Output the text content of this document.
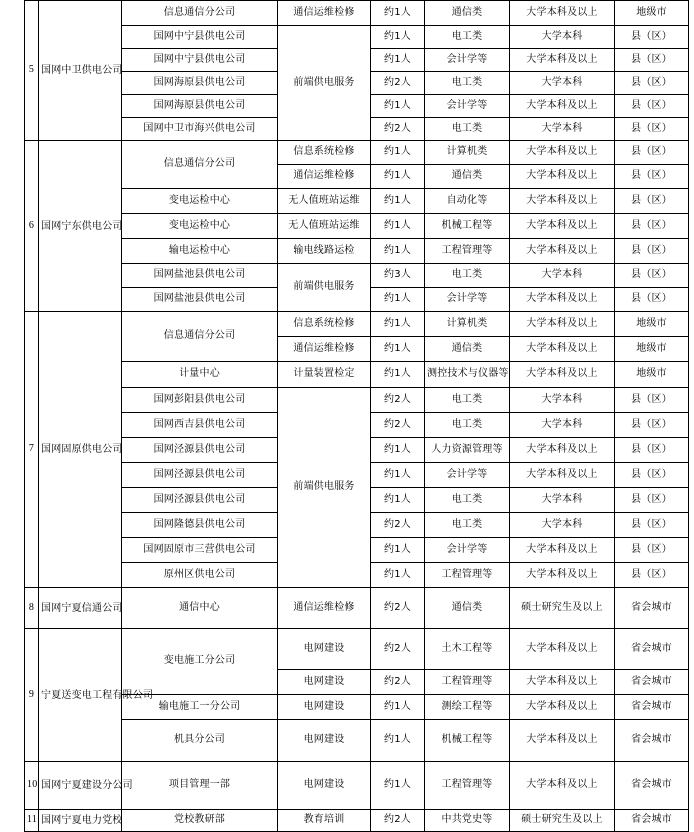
5	国网中卫供电公司	信息通信分公司	通信运维检修	约1人	通信类	大学本科及以上	地级市
		国网中宁县供电公司	前端供电服务	约1人	电工类	大学本科	县（区）
		国网中宁县供电公司		约1人	会计学等	大学本科及以上	县（区）
		国网海原县供电公司		约2人	电工类	大学本科	县（区）
		国网海原县供电公司		约1人	会计学等	大学本科及以上	县（区）
		国网中卫市海兴供电公司		约2人	电工类	大学本科	县（区）
6	国网宁东供电公司	信息通信分公司	信息系统检修	约1人	计算机类	大学本科及以上	县（区）
			通信运维检修	约1人	通信类	大学本科及以上	县（区）
		变电运检中心	无人值班站运维	约1人	自动化等	大学本科及以上	县（区）
		变电运检中心	无人值班站运维	约1人	机械工程等	大学本科及以上	县（区）
		输电运检中心	输电线路运检	约1人	工程管理等	大学本科及以上	县（区）
		国网盐池县供电公司	前端供电服务	约3人	电工类	大学本科	县（区）
		国网盐池县供电公司		约1人	会计学等	大学本科及以上	县（区）
7	国网固原供电公司	信息通信分公司	信息系统检修	约1人	计算机类	大学本科及以上	地级市
			通信运维检修	约1人	通信类	大学本科及以上	地级市
		计量中心	计量装置检定	约1人	测控技术与仪器等	大学本科及以上	地级市
		国网彭阳县供电公司	前端供电服务	约2人	电工类	大学本科	县（区）
		国网西吉县供电公司		约2人	电工类	大学本科	县（区）
		国网泾源县供电公司		约1人	人力资源管理等	大学本科及以上	县（区）
		国网泾源县供电公司		约1人	会计学等	大学本科及以上	县（区）
		国网泾源县供电公司		约1人	电工类	大学本科	县（区）
		国网隆德县供电公司		约2人	电工类	大学本科	县（区）
		国网固原市三营供电公司		约1人	会计学等	大学本科及以上	县（区）
		原州区供电公司		约1人	工程管理等	大学本科及以上	县（区）
8	国网宁夏信通公司	通信中心	通信运维检修	约2人	通信类	硕士研究生及以上	省会城市
9	宁夏送变电工程有限公司	变电施工分公司	电网建设	约2人	土木工程等	大学本科及以上	省会城市
			电网建设	约2人	工程管理等	大学本科及以上	省会城市
		输电施工一分公司	电网建设	约1人	测绘工程等	大学本科及以上	省会城市
		机具分公司	电网建设	约1人	机械工程等	大学本科及以上	省会城市
10	国网宁夏建设分公司	项目管理一部	电网建设	约1人	工程管理等	大学本科及以上	省会城市
11	国网宁夏电力党校	党校教研部	教育培训	约2人	中共党史等	硕士研究生及以上	省会城市
